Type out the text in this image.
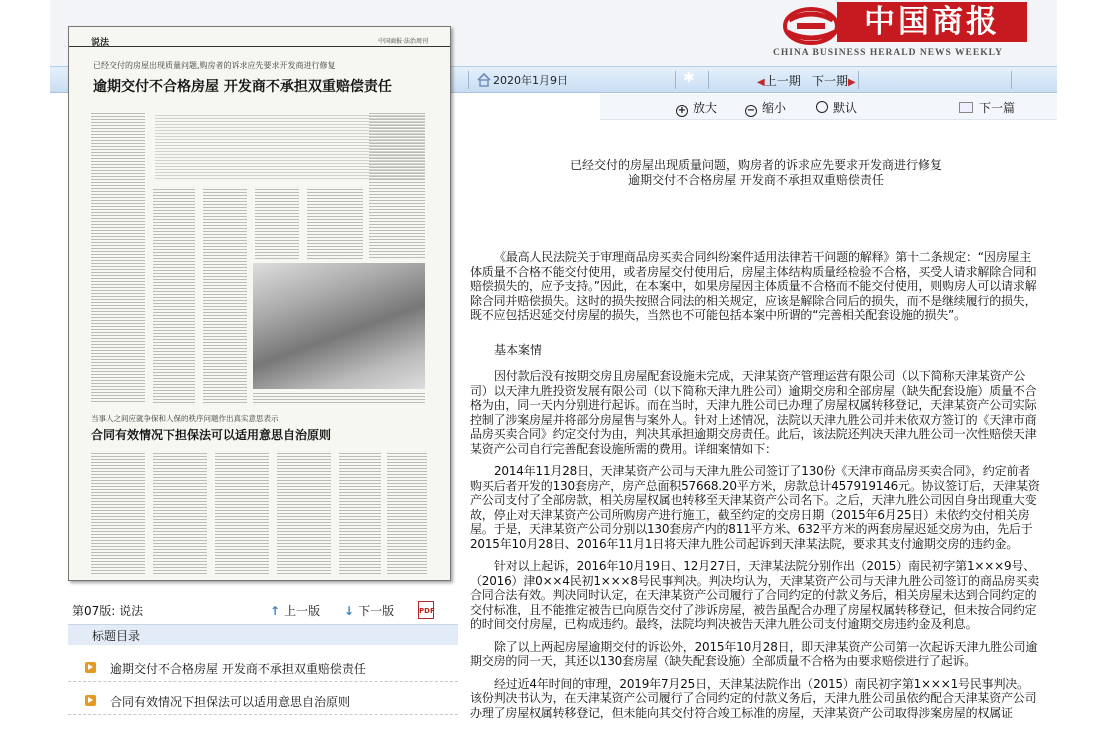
中国商报
CHINA BUSINESS HERALD NEWS WEEKLY
2020年1月9日	✱	◀上一期 下一期▶
+ 放大	− 缩小	默认	下一篇
说法	中国商报·法治周刊
已经交付的房屋出现质量问题,购房者的诉求应先要求开发商进行修复
逾期交付不合格房屋 开发商不承担双重赔偿责任
当事人之间应就争保和人保的秩序问题作出真实意思表示
合同有效情况下担保法可以适用意思自治原则
第07版: 说法	↑ 上一版 ↓ 下一版	PDF
标题目录
逾期交付不合格房屋 开发商不承担双重赔偿责任
合同有效情况下担保法可以适用意思自治原则
已经交付的房屋出现质量问题，购房者的诉求应先要求开发商进行修复
逾期交付不合格房屋 开发商不承担双重赔偿责任

《最高人民法院关于审理商品房买卖合同纠纷案件适用法律若干问题的解释》第十二条规定：“因房屋主体质量不合格不能交付使用，或者房屋交付使用后，房屋主体结构质量经检验不合格，买受人请求解除合同和赔偿损失的，应予支持。”因此，在本案中，如果房屋因主体质量不合格而不能交付使用，则购房人可以请求解除合同并赔偿损失。这时的损失按照合同法的相关规定，应该是解除合同后的损失，而不是继续履行的损失，既不应包括迟延交付房屋的损失，当然也不可能包括本案中所谓的“完善相关配套设施的损失”。

基本案情

因付款后没有按期交房且房屋配套设施未完成，天津某资产管理运营有限公司（以下简称天津某资产公司）以天津九胜投资发展有限公司（以下简称天津九胜公司）逾期交房和全部房屋（缺失配套设施）质量不合格为由，同一天内分别进行起诉。而在当时，天津九胜公司已办理了房屋权属转移登记，天津某资产公司实际控制了涉案房屋并将部分房屋售与案外人。针对上述情况，法院以天津九胜公司并未依双方签订的《天津市商品房买卖合同》约定交付为由，判决其承担逾期交房责任。此后，该法院还判决天津九胜公司一次性赔偿天津某资产公司自行完善配套设施所需的费用。详细案情如下：

2014年11月28日，天津某资产公司与天津九胜公司签订了130份《天津市商品房买卖合同》，约定前者购买后者开发的130套房产，房产总面积57668.20平方米，房款总计457919146元。协议签订后，天津某资产公司支付了全部房款，相关房屋权属也转移至天津某资产公司名下。之后，天津九胜公司因自身出现重大变故，停止对天津某资产公司所购房产进行施工，截至约定的交房日期（2015年6月25日）未依约交付相关房屋。于是，天津某资产公司分别以130套房产内的811平方米、632平方米的两套房屋迟延交房为由，先后于2015年10月28日、2016年11月1日将天津九胜公司起诉到天津某法院，要求其支付逾期交房的违约金。

针对以上起诉，2016年10月19日、12月27日，天津某法院分别作出（2015）南民初字第1×××9号、（2016）津0××4民初1×××8号民事判决。判决均认为，天津某资产公司与天津九胜公司签订的商品房买卖合同合法有效。判决同时认定，在天津某资产公司履行了合同约定的付款义务后，相关房屋未达到合同约定的交付标准，且不能推定被告已向原告交付了涉诉房屋，被告虽配合办理了房屋权属转移登记，但未按合同约定的时间交付房屋，已构成违约。最终，法院均判决被告天津九胜公司支付逾期交房违约金及利息。

除了以上两起房屋逾期交付的诉讼外，2015年10月28日，即天津某资产公司第一次起诉天津九胜公司逾期交房的同一天，其还以130套房屋（缺失配套设施）全部质量不合格为由要求赔偿进行了起诉。

经过近4年时间的审理，2019年7月25日，天津某法院作出（2015）南民初字第1×××1号民事判决。该份判决书认为，在天津某资产公司履行了合同约定的付款义务后，天津九胜公司虽依约配合天津某资产公司办理了房屋权属转移登记，但未能向其交付符合竣工标准的房屋，天津某资产公司取得涉案房屋的权属证
